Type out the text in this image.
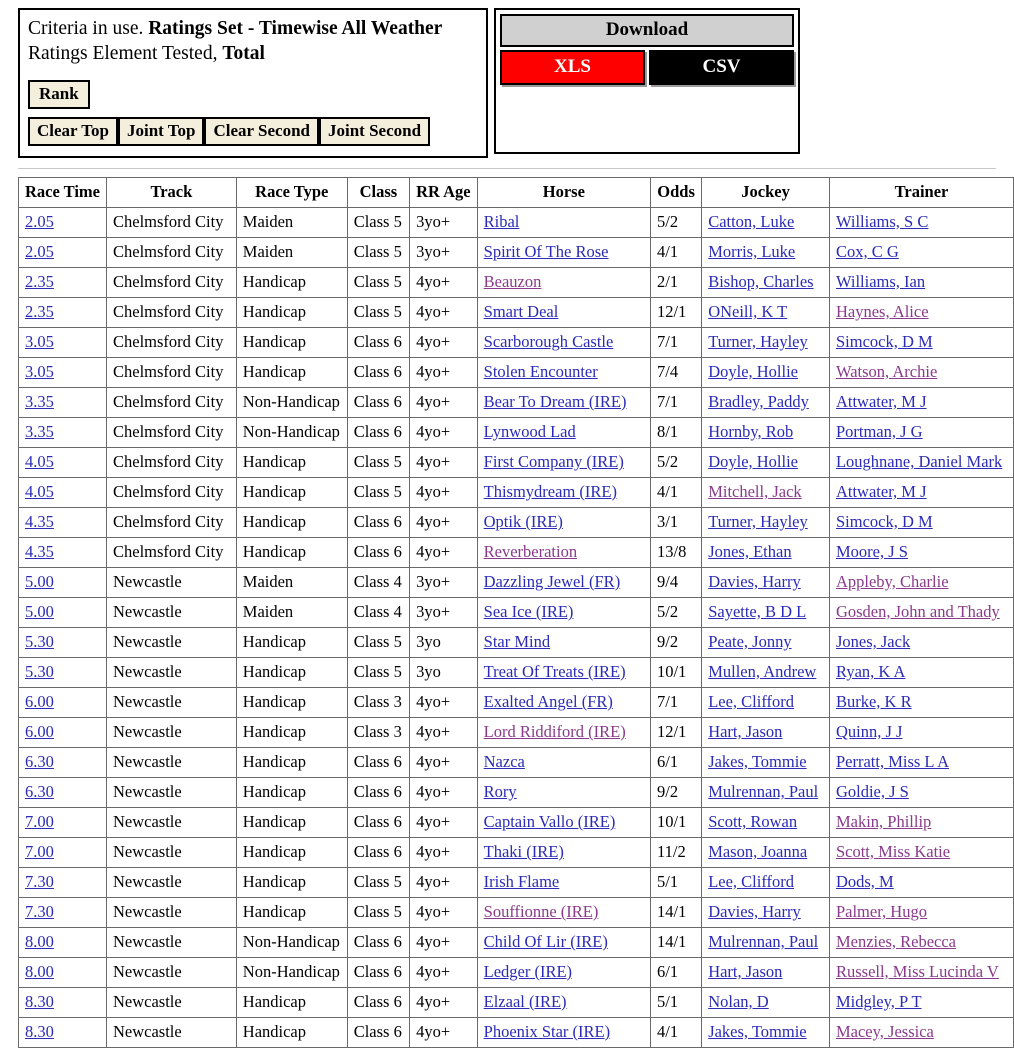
Criteria in use. Ratings Set - Timewise All Weather Ratings Element Tested, Total
Rank
Clear Top	Joint Top	Clear Second	Joint Second
Download
XLS	CSV
Race Time	Track	Race Type	Class	RR Age	Horse	Odds	Jockey	Trainer
2.05	Chelmsford City	Maiden	Class 5	3yo+	Ribal	5/2	Catton, Luke	Williams, S C
2.05	Chelmsford City	Maiden	Class 5	3yo+	Spirit Of The Rose	4/1	Morris, Luke	Cox, C G
2.35	Chelmsford City	Handicap	Class 5	4yo+	Beauzon	2/1	Bishop, Charles	Williams, Ian
2.35	Chelmsford City	Handicap	Class 5	4yo+	Smart Deal	12/1	ONeill, K T	Haynes, Alice
3.05	Chelmsford City	Handicap	Class 6	4yo+	Scarborough Castle	7/1	Turner, Hayley	Simcock, D M
3.05	Chelmsford City	Handicap	Class 6	4yo+	Stolen Encounter	7/4	Doyle, Hollie	Watson, Archie
3.35	Chelmsford City	Non-Handicap	Class 6	4yo+	Bear To Dream (IRE)	7/1	Bradley, Paddy	Attwater, M J
3.35	Chelmsford City	Non-Handicap	Class 6	4yo+	Lynwood Lad	8/1	Hornby, Rob	Portman, J G
4.05	Chelmsford City	Handicap	Class 5	4yo+	First Company (IRE)	5/2	Doyle, Hollie	Loughnane, Daniel Mark
4.05	Chelmsford City	Handicap	Class 5	4yo+	Thismydream (IRE)	4/1	Mitchell, Jack	Attwater, M J
4.35	Chelmsford City	Handicap	Class 6	4yo+	Optik (IRE)	3/1	Turner, Hayley	Simcock, D M
4.35	Chelmsford City	Handicap	Class 6	4yo+	Reverberation	13/8	Jones, Ethan	Moore, J S
5.00	Newcastle	Maiden	Class 4	3yo+	Dazzling Jewel (FR)	9/4	Davies, Harry	Appleby, Charlie
5.00	Newcastle	Maiden	Class 4	3yo+	Sea Ice (IRE)	5/2	Sayette, B D L	Gosden, John and Thady
5.30	Newcastle	Handicap	Class 5	3yo	Star Mind	9/2	Peate, Jonny	Jones, Jack
5.30	Newcastle	Handicap	Class 5	3yo	Treat Of Treats (IRE)	10/1	Mullen, Andrew	Ryan, K A
6.00	Newcastle	Handicap	Class 3	4yo+	Exalted Angel (FR)	7/1	Lee, Clifford	Burke, K R
6.00	Newcastle	Handicap	Class 3	4yo+	Lord Riddiford (IRE)	12/1	Hart, Jason	Quinn, J J
6.30	Newcastle	Handicap	Class 6	4yo+	Nazca	6/1	Jakes, Tommie	Perratt, Miss L A
6.30	Newcastle	Handicap	Class 6	4yo+	Rory	9/2	Mulrennan, Paul	Goldie, J S
7.00	Newcastle	Handicap	Class 6	4yo+	Captain Vallo (IRE)	10/1	Scott, Rowan	Makin, Phillip
7.00	Newcastle	Handicap	Class 6	4yo+	Thaki (IRE)	11/2	Mason, Joanna	Scott, Miss Katie
7.30	Newcastle	Handicap	Class 5	4yo+	Irish Flame	5/1	Lee, Clifford	Dods, M
7.30	Newcastle	Handicap	Class 5	4yo+	Souffionne (IRE)	14/1	Davies, Harry	Palmer, Hugo
8.00	Newcastle	Non-Handicap	Class 6	4yo+	Child Of Lir (IRE)	14/1	Mulrennan, Paul	Menzies, Rebecca
8.00	Newcastle	Non-Handicap	Class 6	4yo+	Ledger (IRE)	6/1	Hart, Jason	Russell, Miss Lucinda V
8.30	Newcastle	Handicap	Class 6	4yo+	Elzaal (IRE)	5/1	Nolan, D	Midgley, P T
8.30	Newcastle	Handicap	Class 6	4yo+	Phoenix Star (IRE)	4/1	Jakes, Tommie	Macey, Jessica
